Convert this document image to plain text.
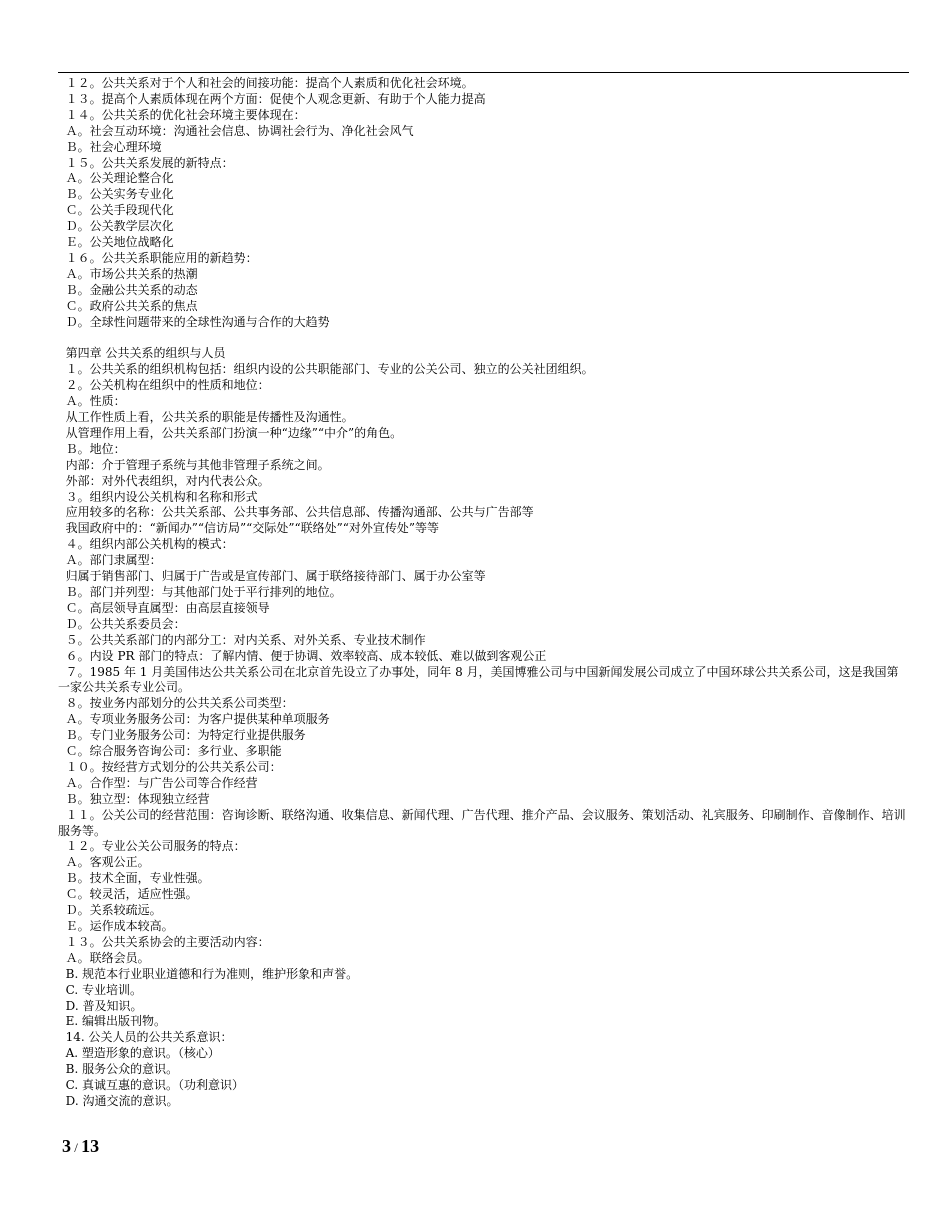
１２。公共关系对于个人和社会的间接功能：提高个人素质和优化社会环境。
１３。提高个人素质体现在两个方面：促使个人观念更新、有助于个人能力提高
１４。公共关系的优化社会环境主要体现在：
Ａ。社会互动环境：沟通社会信息、协调社会行为、净化社会风气
Ｂ。社会心理环境
１５。公共关系发展的新特点：
Ａ。公关理论整合化
Ｂ。公关实务专业化
Ｃ。公关手段现代化
Ｄ。公关教学层次化
Ｅ。公关地位战略化
１６。公共关系职能应用的新趋势：
Ａ。市场公共关系的热潮
Ｂ。金融公共关系的动态
Ｃ。政府公共关系的焦点
Ｄ。全球性问题带来的全球性沟通与合作的大趋势
第四章 公共关系的组织与人员
１。公共关系的组织机构包括：组织内设的公共职能部门、专业的公关公司、独立的公关社团组织。
２。公关机构在组织中的性质和地位：
Ａ。性质：
从工作性质上看，公共关系的职能是传播性及沟通性。
从管理作用上看，公共关系部门扮演一种“边缘”“中介”的角色。
Ｂ。地位：
内部：介于管理子系统与其他非管理子系统之间。
外部：对外代表组织，对内代表公众。
３。组织内设公关机构和名称和形式
应用较多的名称：公共关系部、公共事务部、公共信息部、传播沟通部、公共与广告部等
我国政府中的：“新闻办”“信访局”“交际处”“联络处”“对外宣传处”等等
４。组织内部公关机构的模式：
Ａ。部门隶属型：
归属于销售部门、归属于广告或是宣传部门、属于联络接待部门、属于办公室等
Ｂ。部门并列型：与其他部门处于平行排列的地位。
Ｃ。高层领导直属型：由高层直接领导
Ｄ。公共关系委员会：
５。公共关系部门的内部分工：对内关系、对外关系、专业技术制作
６。内设 PR 部门的特点：了解内情、便于协调、效率较高、成本较低、难以做到客观公正
７。1985 年 1 月美国伟达公共关系公司在北京首先设立了办事处，同年 8 月，美国博雅公司与中国新闻发展公司成立了中国环球公共关系公司，这是我国第一家公共关系专业公司。
８。按业务内部划分的公共关系公司类型：
Ａ。专项业务服务公司：为客户提供某种单项服务
Ｂ。专门业务服务公司：为特定行业提供服务
Ｃ。综合服务咨询公司：多行业、多职能
１０。按经营方式划分的公共关系公司：
Ａ。合作型：与广告公司等合作经营
Ｂ。独立型：体现独立经营
１１。公关公司的经营范围：咨询诊断、联络沟通、收集信息、新闻代理、广告代理、推介产品、会议服务、策划活动、礼宾服务、印刷制作、音像制作、培训服务等。
１２。专业公关公司服务的特点：
Ａ。客观公正。
Ｂ。技术全面，专业性强。
Ｃ。较灵活，适应性强。
Ｄ。关系较疏远。
Ｅ。运作成本较高。
１３。公共关系协会的主要活动内容：
Ａ。联络会员。
B. 规范本行业职业道德和行为准则，维护形象和声誉。
C. 专业培训。
D. 普及知识。
E. 编辑出版刊物。
14. 公关人员的公共关系意识：
A. 塑造形象的意识。（核心）
B. 服务公众的意识。
C. 真诚互惠的意识。（功利意识）
D. 沟通交流的意识。
3 / 13
